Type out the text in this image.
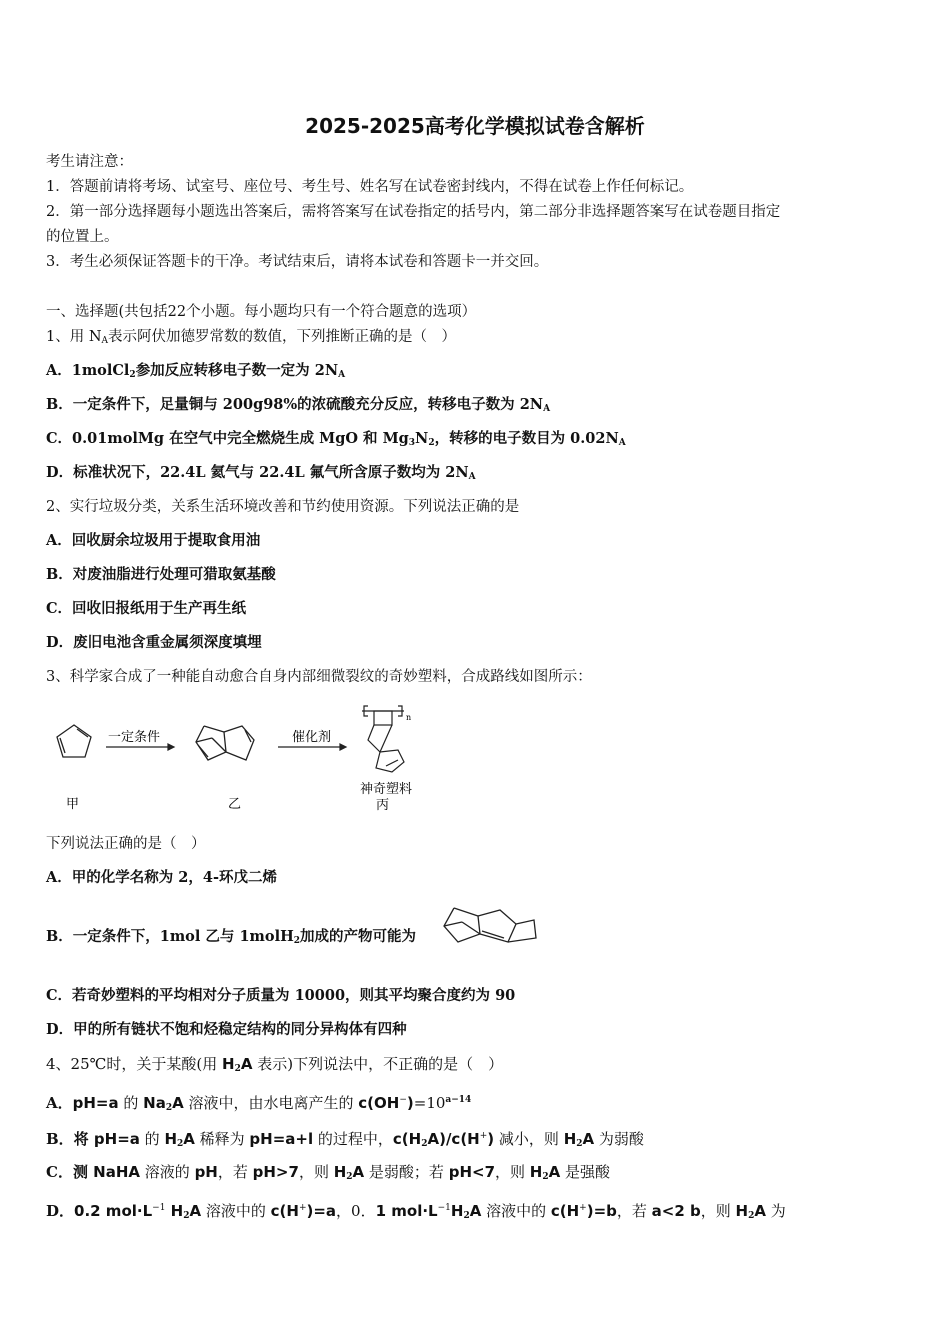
2025-2025高考化学模拟试卷含解析
考生请注意：
1．答题前请将考场、试室号、座位号、考生号、姓名写在试卷密封线内，不得在试卷上作任何标记。
2．第一部分选择题每小题选出答案后，需将答案写在试卷指定的括号内，第二部分非选择题答案写在试卷题目指定
的位置上。
3．考生必须保证答题卡的干净。考试结束后，请将本试卷和答题卡一并交回。
一、选择题(共包括22个小题。每小题均只有一个符合题意的选项）
1、用 $N_A$表示阿伏加德罗常数的数值，下列推断正确的是（　）
A．1molCl$_2$参加反应转移电子数一定为 $2N_A$
B．一定条件下，足量铜与 200g98%的浓硫酸充分反应，转移电子数为 $2N_A$
C．0.01molMg 在空气中完全燃烧生成 MgO 和 $Mg_3N_2$，转移的电子数目为 $0.02N_A$
D．标准状况下，22.4L 氦气与 22.4L 氟气所含原子数均为 $2N_A$
2、实行垃圾分类，关系生活环境改善和节约使用资源。下列说法正确的是
A．回收厨余垃圾用于提取食用油
B．对废油脂进行处理可猎取氨基酸
C．回收旧报纸用于生产再生纸
D．废旧电池含重金属须深度填埋
3、科学家合成了一种能自动愈合自身内部细微裂纹的奇妙塑料，合成路线如图所示：
甲
一定条件
乙
催化剂
n
神奇塑料
丙
下列说法正确的是（　）
A．甲的化学名称为 2，4-环戊二烯
B．一定条件下，1mol 乙与 1molH$_2$加成的产物可能为
C．若奇妙塑料的平均相对分子质量为 10000，则其平均聚合度约为 90
D．甲的所有链状不饱和烃稳定结构的同分异构体有四种
4、25℃时，关于某酸(用 $H_2A$ 表示)下列说法中，不正确的是（　）
A．pH=a 的 $Na_2A$ 溶液中，由水电离产生的 $c(OH^-)=10^{a-14}$
B．将 pH=a 的 $H_2A$ 稀释为 pH=a+l 的过程中，$c(H_2A)/c(H^+)$ 减小，则 $H_2A$ 为弱酸
C．测 NaHA 溶液的 pH，若 pH>7，则 $H_2A$ 是弱酸；若 pH<7，则 $H_2A$ 是强酸
D．0.2 $mol\cdot L^{-1}$ $H_2A$ 溶液中的 c(H+)=a，0．1 $mol\cdot L^{-1}H_2A$ 溶液中的 c(H+)=b，若 a<2 b，则 $H_2A$ 为
